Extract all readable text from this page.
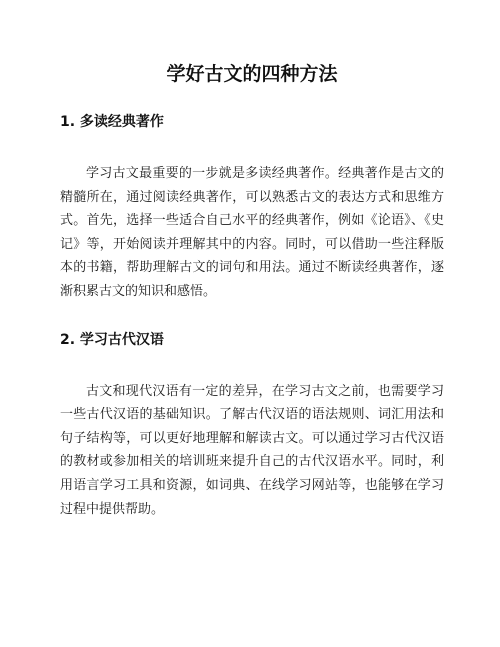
学好古文的四种方法
1. 多读经典著作

学习古文最重要的一步就是多读经典著作。经典著作是古文的精髓所在，通过阅读经典著作，可以熟悉古文的表达方式和思维方式。首先，选择一些适合自己水平的经典著作，例如《论语》、《史记》等，开始阅读并理解其中的内容。同时，可以借助一些注释版本的书籍，帮助理解古文的词句和用法。通过不断读经典著作，逐渐积累古文的知识和感悟。

2. 学习古代汉语

古文和现代汉语有一定的差异，在学习古文之前，也需要学习一些古代汉语的基础知识。了解古代汉语的语法规则、词汇用法和句子结构等，可以更好地理解和解读古文。可以通过学习古代汉语的教材或参加相关的培训班来提升自己的古代汉语水平。同时，利用语言学习工具和资源，如词典、在线学习网站等，也能够在学习过程中提供帮助。
